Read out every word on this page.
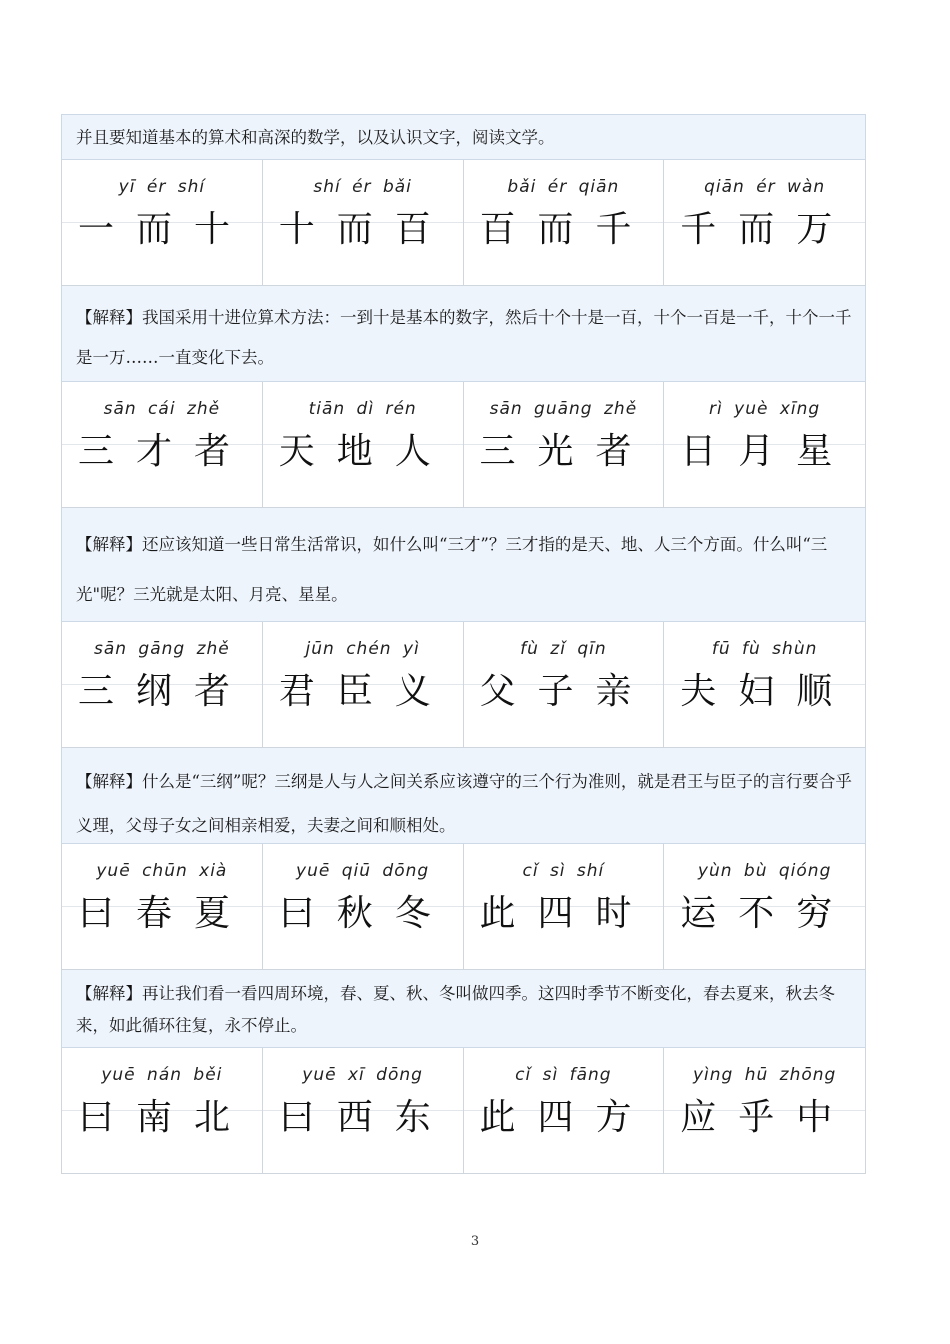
并且要知道基本的算术和高深的数学，以及认识文字，阅读文学。
yī ér shí
一而十
shí ér bǎi
十而百
bǎi ér qiān
百而千
qiān ér wàn
千而万
【解释】我国采用十进位算术方法：一到十是基本的数字，然后十个十是一百，十个一百是一千，十个一千是一万……一直变化下去。
sān cái zhě
三才者
tiān dì rén
天地人
sān guāng zhě
三光者
rì yuè xīng
日月星
【解释】还应该知道一些日常生活常识，如什么叫“三才”？三才指的是天、地、人三个方面。什么叫“三光"呢？三光就是太阳、月亮、星星。
sān gāng zhě
三纲者
jūn chén yì
君臣义
fù zǐ qīn
父子亲
fū fù shùn
夫妇顺
【解释】什么是“三纲”呢？三纲是人与人之间关系应该遵守的三个行为准则，就是君王与臣子的言行要合乎义理，父母子女之间相亲相爱，夫妻之间和顺相处。
yuē chūn xià
曰春夏
yuē qiū dōng
曰秋冬
cǐ sì shí
此四时
yùn bù qióng
运不穷
【解释】再让我们看一看四周环境，春、夏、秋、冬叫做四季。这四时季节不断变化，春去夏来，秋去冬来，如此循环往复，永不停止。
yuē nán běi
曰南北
yuē xī dōng
曰西东
cǐ sì fāng
此四方
yìng hū zhōng
应乎中
3
